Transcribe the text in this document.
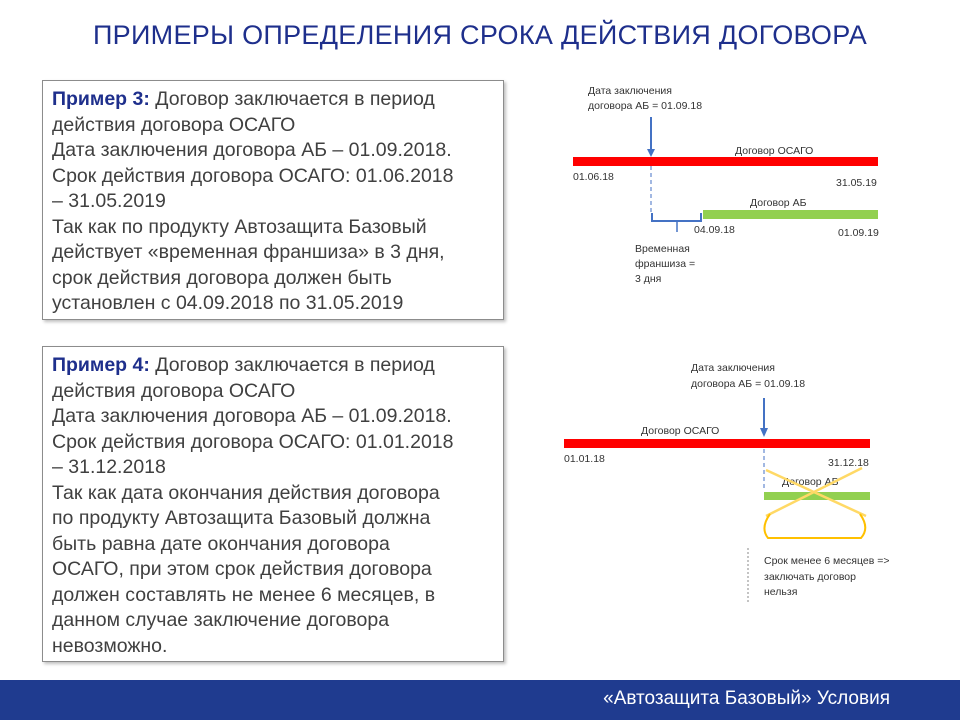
ПРИМЕРЫ ОПРЕДЕЛЕНИЯ СРОКА ДЕЙСТВИЯ ДОГОВОРА

Пример 3: Договор заключается в период

действия договора ОСАГО

Дата заключения договора АБ – 01.09.2018.

Срок действия договора ОСАГО: 01.06.2018

– 31.05.2019

Так как по продукту Автозащита Базовый

действует «временная франшиза» в 3 дня,

срок действия договора должен быть

установлен с 04.09.2018 по 31.05.2019

Пример 4: Договор заключается в период

действия договора ОСАГО

Дата заключения договора АБ – 01.09.2018.

Срок действия договора ОСАГО: 01.01.2018

– 31.12.2018

Так как дата окончания действия договора

по продукту Автозащита Базовый должна

быть равна дате окончания договора

ОСАГО, при этом срок действия договора

должен составлять не менее 6 месяцев, в

данном случае заключение договора

невозможно.

Дата заключения
договора АБ = 01.09.18
Договор ОСАГО
01.06.18	31.05.19
Договор АБ
04.09.18	01.09.19
Временная
франшиза =
3 дня
Дата заключения
договора АБ = 01.09.18
Договор ОСАГО
01.01.18	31.12.18
Договор АБ
Срок менее 6 месяцев =>
заключать договор
нельзя
«Автозащита Базовый» Условия
